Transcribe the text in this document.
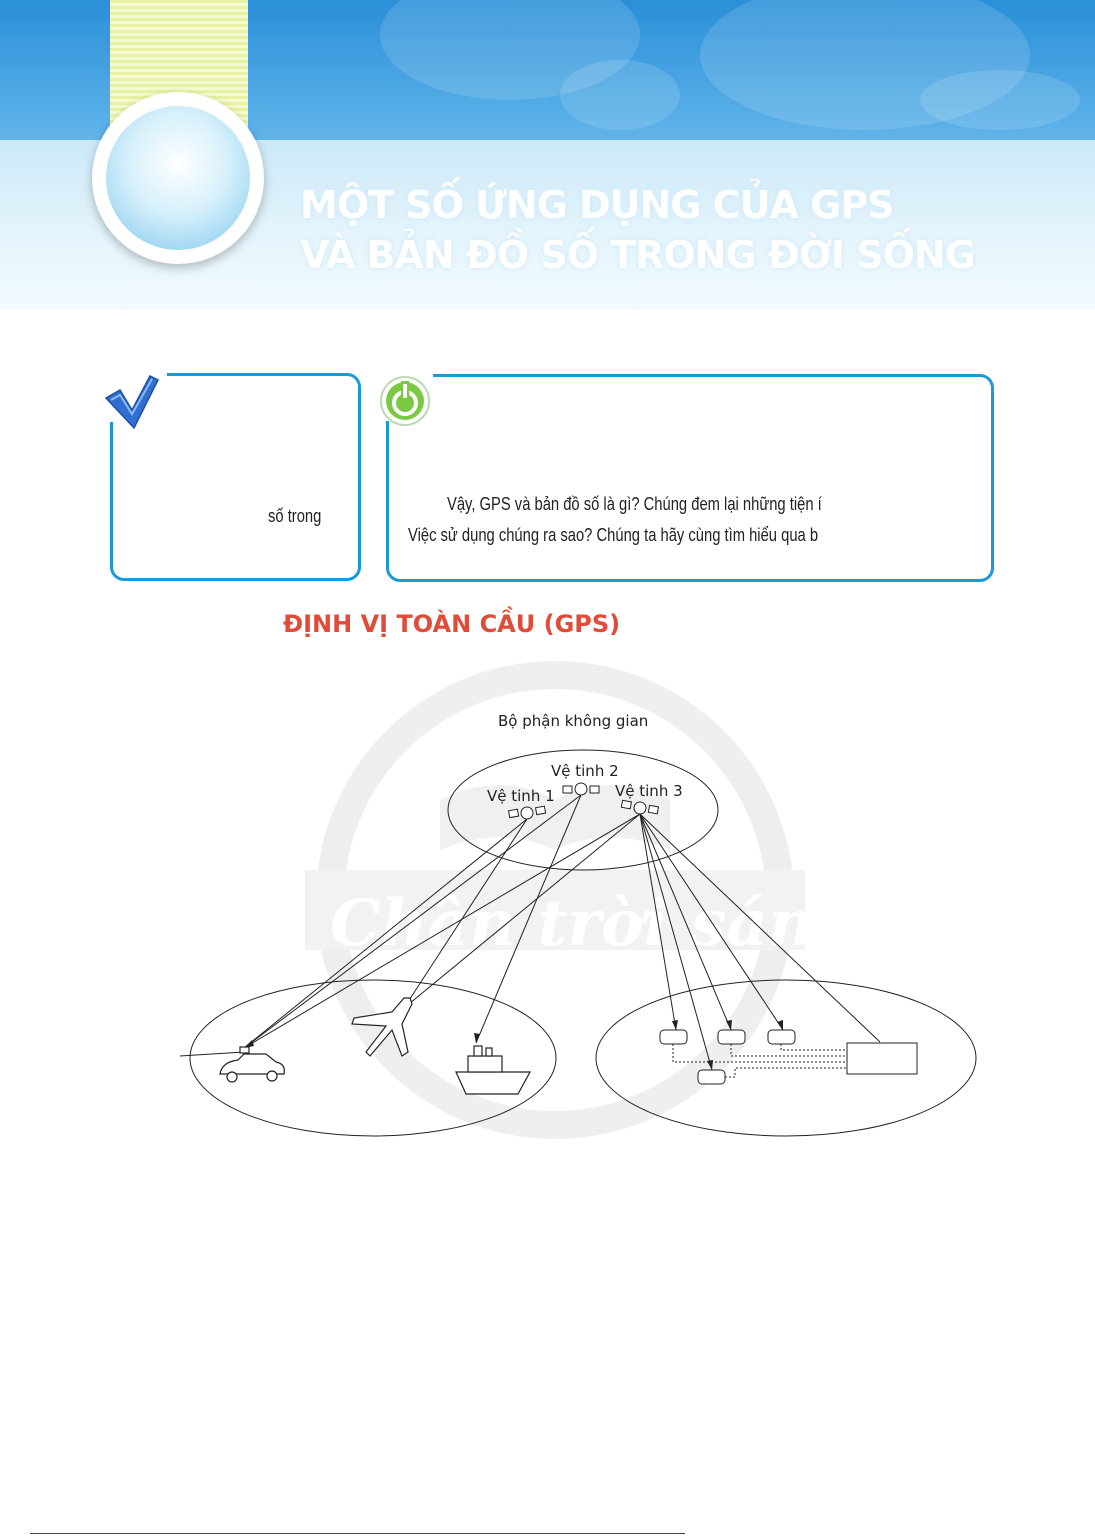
MỘT SỐ ỨNG DỤNG CỦA GPS
VÀ BẢN ĐỒ SỐ TRONG ĐỜI SỐNG
số trong
Vậy, GPS và bản đồ số là gì? Chúng đem lại những tiện í
Việc sử dụng chúng ra sao? Chúng ta hãy cùng tìm hiểu qua b
ĐỊNH VỊ TOÀN CẦU (GPS)
Chân trời sáng tạo
Bộ phận không gian
Vệ tinh 2
Vệ tinh 1	Vệ tinh 3
